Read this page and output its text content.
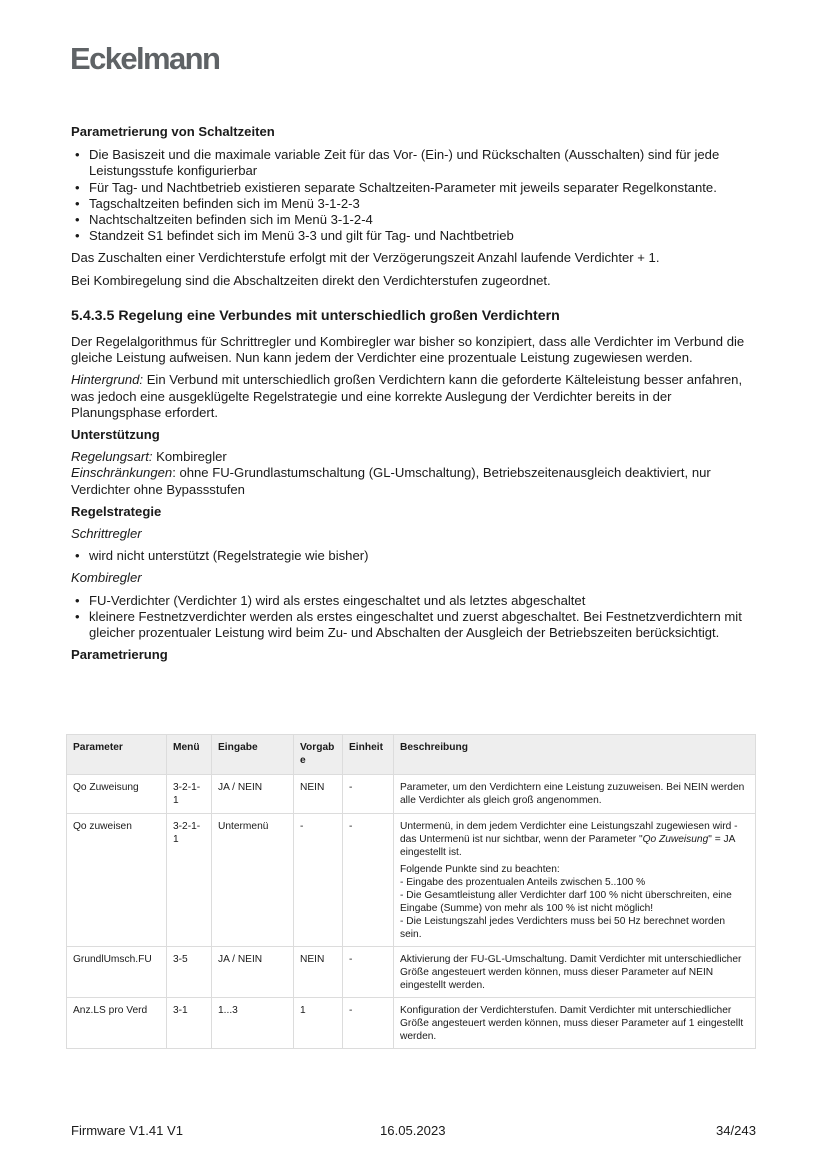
Eckelmann

Parametrierung von Schaltzeiten

• Die Basiszeit und die maximale variable Zeit für das Vor- (Ein-) und Rückschalten (Ausschalten) sind für jede Leistungsstufe konfigurierbar
• Für Tag- und Nachtbetrieb existieren separate Schaltzeiten-Parameter mit jeweils separater Regelkonstante.
• Tagschaltzeiten befinden sich im Menü 3-1-2-3
• Nachtschaltzeiten befinden sich im Menü 3-1-2-4
• Standzeit S1 befindet sich im Menü 3-3 und gilt für Tag- und Nachtbetrieb

Das Zuschalten einer Verdichterstufe erfolgt mit der Verzögerungszeit Anzahl laufende Verdichter + 1.

Bei Kombiregelung sind die Abschaltzeiten direkt den Verdichterstufen zugeordnet.

5.4.3.5 Regelung eine Verbundes mit unterschiedlich großen Verdichtern

Der Regelalgorithmus für Schrittregler und Kombiregler war bisher so konzipiert, dass alle Verdichter im Verbund die gleiche Leistung aufweisen. Nun kann jedem der Verdichter eine prozentuale Leistung zugewiesen werden.

Hintergrund: Ein Verbund mit unterschiedlich großen Verdichtern kann die geforderte Kälteleistung besser anfahren, was jedoch eine ausgeklügelte Regelstrategie und eine korrekte Auslegung der Verdichter bereits in der Planungsphase erfordert.

Unterstützung

Regelungsart: Kombiregler
Einschränkungen: ohne FU-Grundlastumschaltung (GL-Umschaltung), Betriebszeitenausgleich deaktiviert, nur Verdichter ohne Bypassstufen

Regelstrategie

Schrittregler

• wird nicht unterstützt (Regelstrategie wie bisher)

Kombiregler

• FU-Verdichter (Verdichter 1) wird als erstes eingeschaltet und als letztes abgeschaltet
• kleinere Festnetzverdichter werden als erstes eingeschaltet und zuerst abgeschaltet. Bei Festnetzverdichtern mit gleicher prozentualer Leistung wird beim Zu- und Abschalten der Ausgleich der Betriebszeiten berücksichtigt.

Parametrierung

Parameter	Menü	Eingabe	Vorgab e	Einheit	Beschreibung
Qo Zuweisung	3-2-1-1	JA / NEIN	NEIN	-	Parameter, um den Verdichtern eine Leistung zuzuweisen. Bei NEIN werden alle Verdichter als gleich groß angenommen.
Qo zuweisen	3-2-1-1	Untermenü	-	-	Untermenü, in dem jedem Verdichter eine Leistungszahl zugewiesen wird - das Untermenü ist nur sichtbar, wenn der Parameter "Qo Zuweisung" = JA eingestellt ist.

Folgende Punkte sind zu beachten:
- Eingabe des prozentualen Anteils zwischen 5..100 %
- Die Gesamtleistung aller Verdichter darf 100 % nicht überschreiten, eine Eingabe (Summe) von mehr als 100 % ist nicht möglich!
- Die Leistungszahl jedes Verdichters muss bei 50 Hz berechnet worden sein.

GrundlUmsch.FU	3-5	JA / NEIN	NEIN	-	Aktivierung der FU-GL-Umschaltung. Damit Verdichter mit unterschiedlicher Größe angesteuert werden können, muss dieser Parameter auf NEIN eingestellt werden.
Anz.LS pro Verd	3-1	1...3	1	-	Konfiguration der Verdichterstufen. Damit Verdichter mit unterschiedlicher Größe angesteuert werden können, muss dieser Parameter auf 1 eingestellt werden.
Firmware V1.41 V1	16.05.2023	34/243
